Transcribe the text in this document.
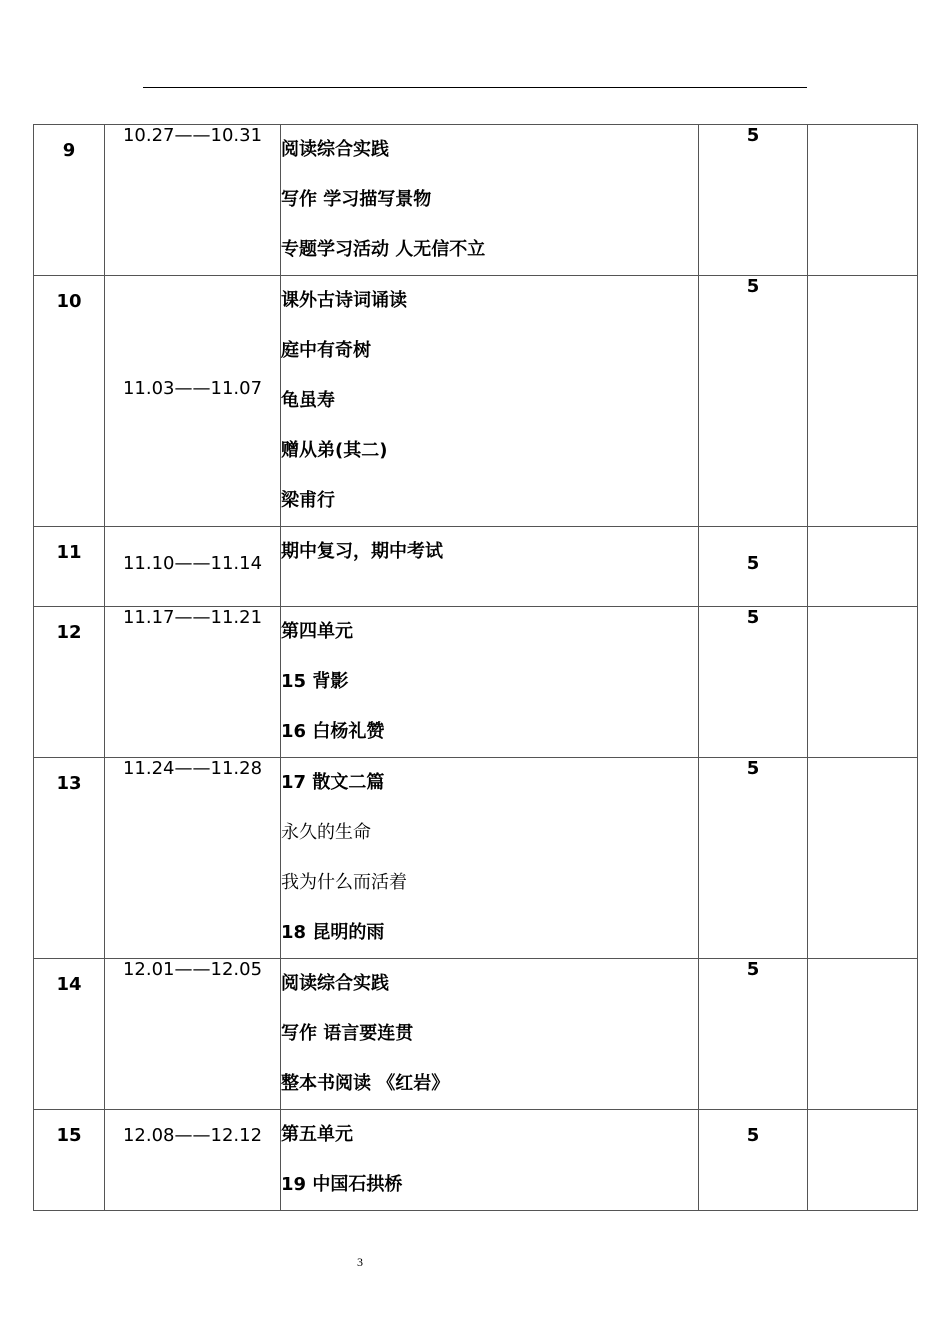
9	10.27——10.31	阅读综合实践
写作 学习描写景物
专题学习活动 人无信不立	5	

10	11.03——11.07	课外古诗词诵读
庭中有奇树
龟虽寿
赠从弟(其二)
梁甫行	5	

11	11.10——11.14	期中复习，期中考试	5	

12	11.17——11.21	第四单元
15 背影
16 白杨礼赞	5	

13	11.24——11.28	17 散文二篇
永久的生命
我为什么而活着
18 昆明的雨	5	

14	12.01——12.05	阅读综合实践
写作 语言要连贯
整本书阅读 《红岩》	5	

15	12.08——12.12	第五单元
19 中国石拱桥	5	

3
